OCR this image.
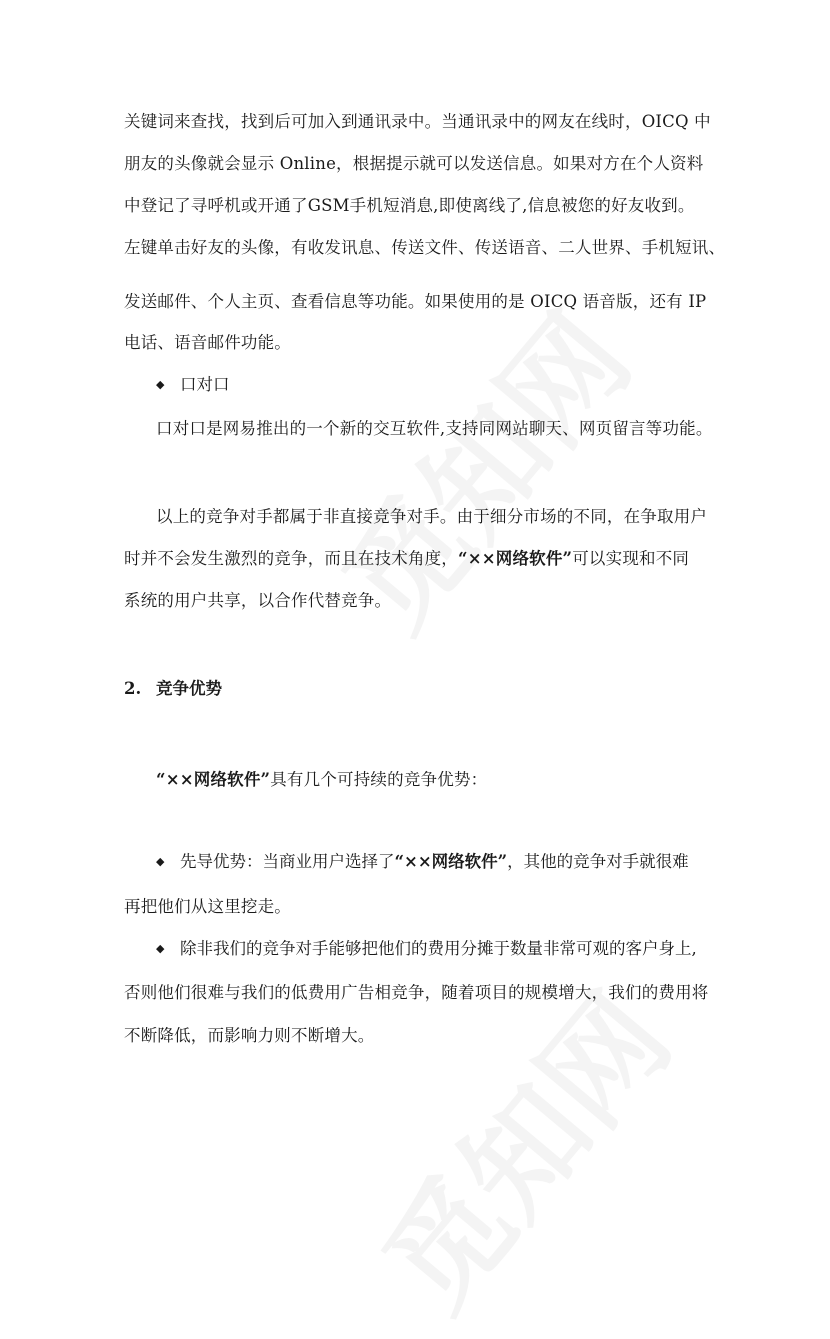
关键词来查找，找到后可加入到通讯录中。当通讯录中的网友在线时，OICQ 中
朋友的头像就会显示 Online，根据提示就可以发送信息。如果对方在个人资料
中登记了寻呼机或开通了GSM手机短消息,即使离线了,信息被您的好友收到。
左键单击好友的头像，有收发讯息、传送文件、传送语音、二人世界、手机短讯、
发送邮件、个人主页、查看信息等功能。如果使用的是 OICQ 语音版，还有 IP
电话、语音邮件功能。
◆ 口对口
口对口是网易推出的一个新的交互软件,支持同网站聊天、网页留言等功能。
以上的竞争对手都属于非直接竞争对手。由于细分市场的不同，在争取用户
时并不会发生激烈的竞争，而且在技术角度，“××网络软件”可以实现和不同
系统的用户共享，以合作代替竞争。
2. 竞争优势
“××网络软件”具有几个可持续的竞争优势：
◆ 先导优势：当商业用户选择了“××网络软件”，其他的竞争对手就很难
再把他们从这里挖走。
◆ 除非我们的竞争对手能够把他们的费用分摊于数量非常可观的客户身上,
否则他们很难与我们的低费用广告相竞争，随着项目的规模增大，我们的费用将
不断降低，而影响力则不断增大。
